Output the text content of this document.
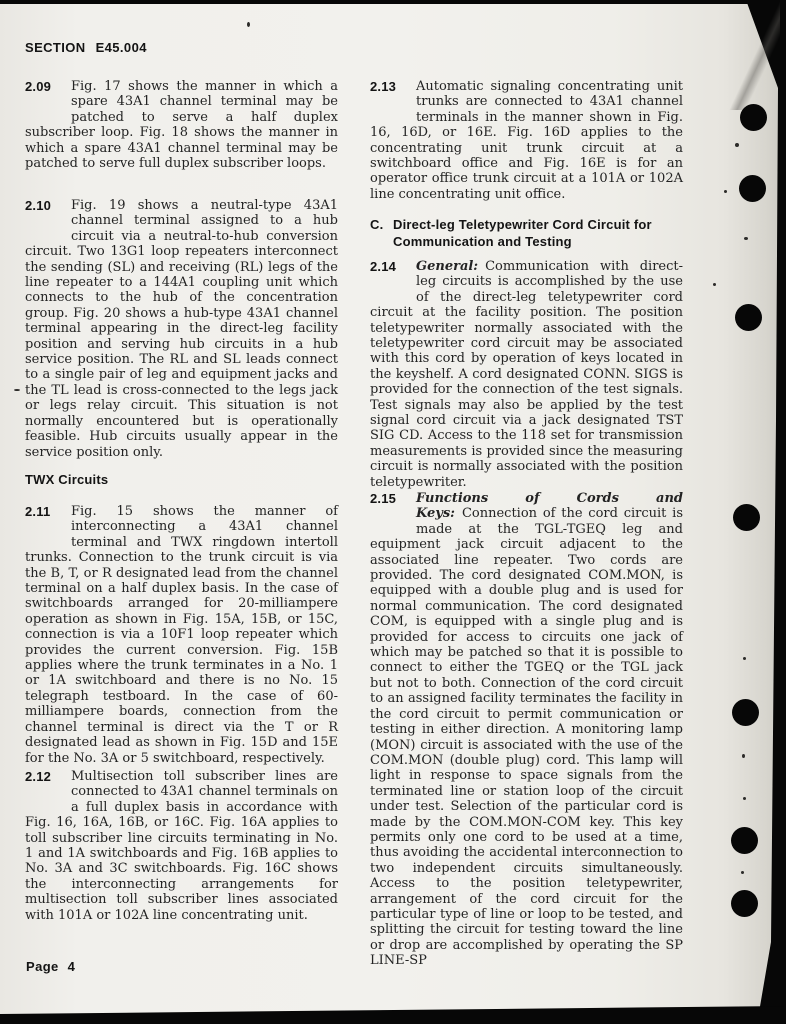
SECTION E45.004
2.09 Fig. 17 shows the manner in which a spare 43A1 channel terminal may be patched to serve a half duplex subscriber loop. Fig. 18 shows the manner in which a spare 43A1 channel terminal may be patched to serve full duplex subscriber loops.
2.10 Fig. 19 shows a neutral-type 43A1 channel terminal assigned to a hub circuit via a neutral-to-hub conversion circuit. Two 13G1 loop repeaters interconnect the sending (SL) and receiving (RL) legs of the line repeater to a 144A1 coupling unit which connects to the hub of the concentration group. Fig. 20 shows a hub-type 43A1 channel terminal appearing in the direct-leg facility position and serving hub circuits in a hub service position. The RL and SL leads connect to a single pair of leg and equipment jacks and the TL lead is cross-connected to the legs jack or legs relay circuit. This situation is not normally encountered but is operationally feasible. Hub circuits usually appear in the service position only.
TWX Circuits
2.11 Fig. 15 shows the manner of interconnecting a 43A1 channel terminal and TWX ringdown intertoll trunks. Connection to the trunk circuit is via the B, T, or R designated lead from the channel terminal on a half duplex basis. In the case of switchboards arranged for 20-milliampere operation as shown in Fig. 15A, 15B, or 15C, connection is via a 10F1 loop repeater which provides the current conversion. Fig. 15B applies where the trunk terminates in a No. 1 or 1A switchboard and there is no No. 15 telegraph testboard. In the case of 60-milliampere boards, connection from the channel terminal is direct via the T or R designated lead as shown in Fig. 15D and 15E for the No. 3A or 5 switchboard, respectively.
2.12 Multisection toll subscriber lines are connected to 43A1 channel terminals on a full duplex basis in accordance with Fig. 16, 16A, 16B, or 16C. Fig. 16A applies to toll subscriber line circuits terminating in No. 1 and 1A switchboards and Fig. 16B applies to No. 3A and 3C switchboards. Fig. 16C shows the interconnecting arrangements for multisection toll subscriber lines associated with 101A or 102A line concentrating unit.
2.13 Automatic signaling concentrating unit trunks are connected to 43A1 channel terminals in the manner shown in Fig. 16, 16D, or 16E. Fig. 16D applies to the concentrating unit trunk circuit at a switchboard office and Fig. 16E is for an operator office trunk circuit at a 101A or 102A line concentrating unit office.
C. Direct-leg Teletypewriter Cord Circuit for Communication and Testing
2.14 General: Communication with direct-leg circuits is accomplished by the use of the direct-leg teletypewriter cord circuit at the facility position. The position teletypewriter normally associated with the teletypewriter cord circuit may be associated with this cord by operation of keys located in the keyshelf. A cord designated CONN. SIGS is provided for the connection of the test signals. Test signals may also be applied by the test signal cord circuit via a jack designated TST SIG CD. Access to the 118 set for transmission measurements is provided since the measuring circuit is normally associated with the position teletypewriter.
2.15 Functions of Cords and Keys: Connection of the cord circuit is made at the TGL-TGEQ leg and equipment jack circuit adjacent to the associated line repeater. Two cords are provided. The cord designated COM.MON, is equipped with a double plug and is used for normal communication. The cord designated COM, is equipped with a single plug and is provided for access to circuits one jack of which may be patched so that it is possible to connect to either the TGEQ or the TGL jack but not to both. Connection of the cord circuit to an assigned facility terminates the facility in the cord circuit to permit communication or testing in either direction. A monitoring lamp (MON) circuit is associated with the use of the COM.MON (double plug) cord. This lamp will light in response to space signals from the terminated line or station loop of the circuit under test. Selection of the particular cord is made by the COM.MON-COM key. This key permits only one cord to be used at a time, thus avoiding the accidental interconnection to two independent circuits simultaneously. Access to the position teletypewriter, arrangement of the cord circuit for the particular type of line or loop to be tested, and splitting the circuit for testing toward the line or drop are accomplished by operating the SP LINE-SP
Page 4
